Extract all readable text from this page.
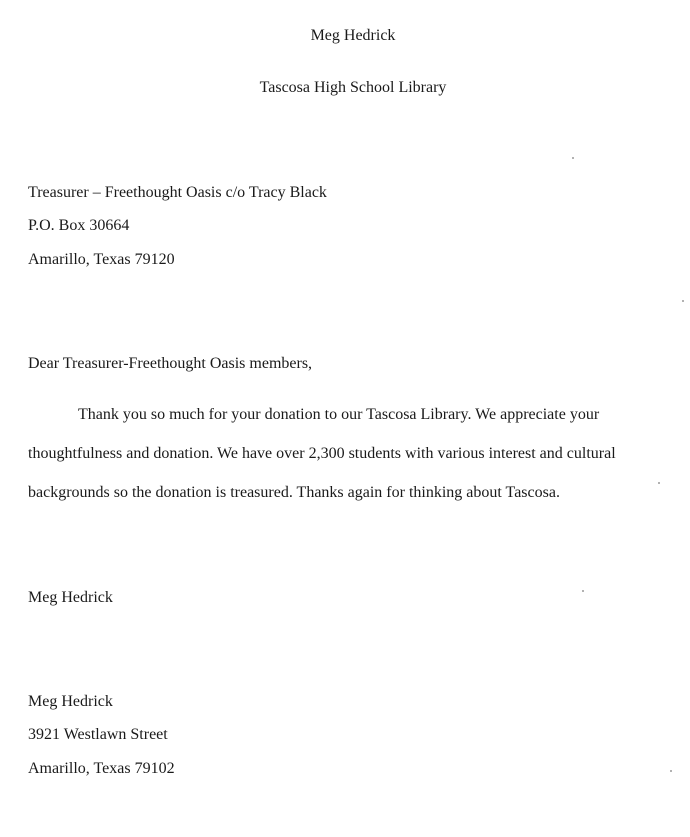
Meg Hedrick
Tascosa High School Library
Treasurer – Freethought Oasis c/o Tracy Black
P.O. Box 30664
Amarillo, Texas 79120
Dear Treasurer-Freethought Oasis members,
Thank you so much for your donation to our Tascosa Library. We appreciate your
thoughtfulness and donation. We have over 2,300 students with various interest and cultural
backgrounds so the donation is treasured. Thanks again for thinking about Tascosa.
Meg Hedrick
Meg Hedrick
3921 Westlawn Street
Amarillo, Texas 79102
